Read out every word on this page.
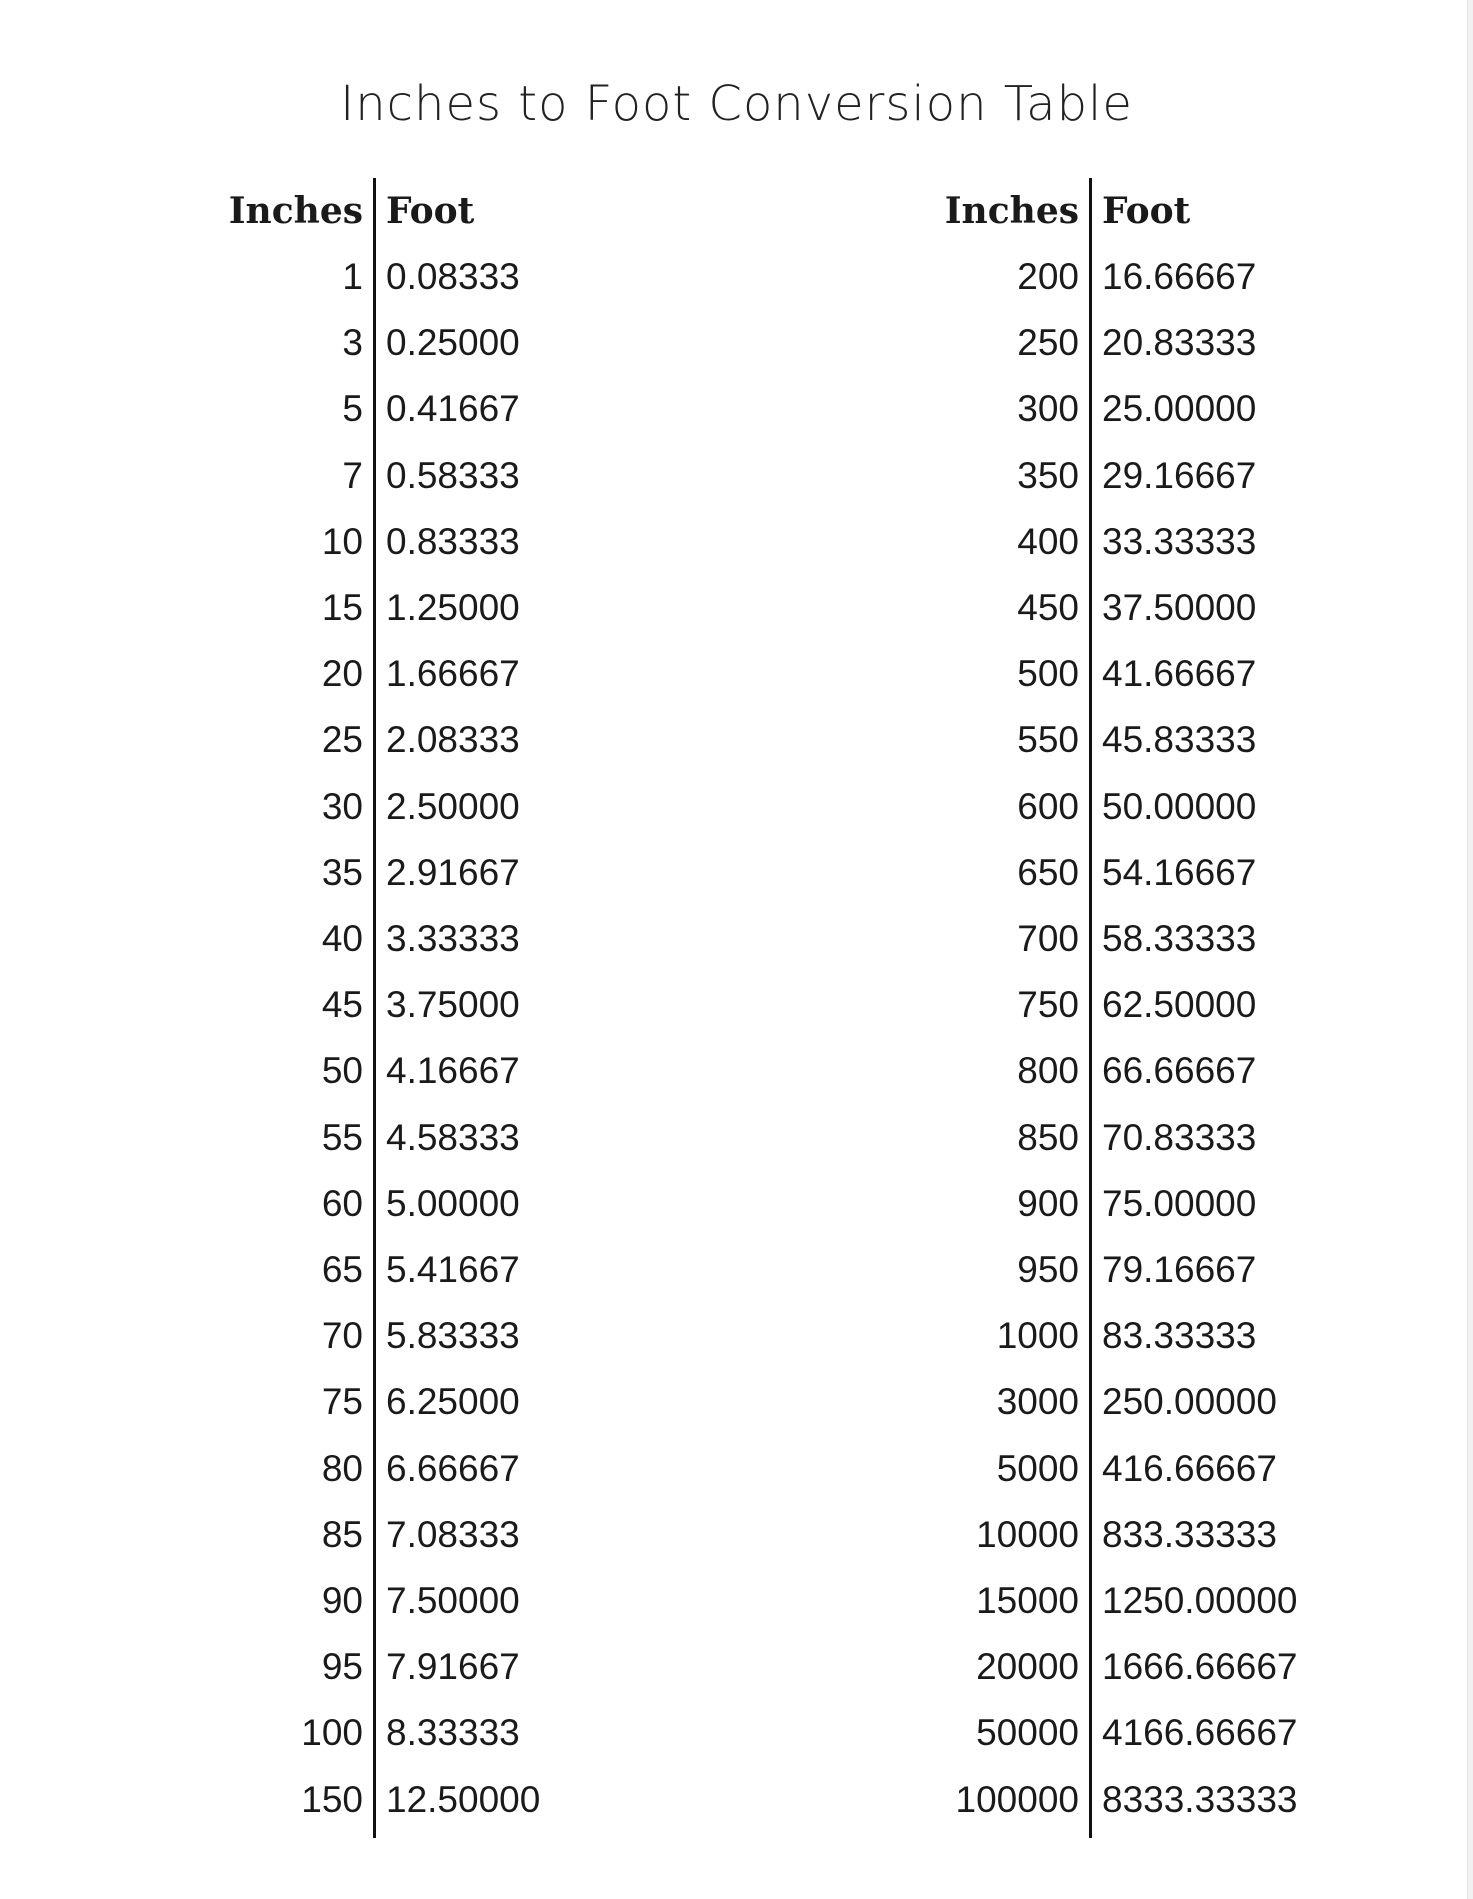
Inches to Foot Conversion Table
Inches Foot
1 0.08333
3 0.25000
5 0.41667
7 0.58333
10 0.83333
15 1.25000
20 1.66667
25 2.08333
30 2.50000
35 2.91667
40 3.33333
45 3.75000
50 4.16667
55 4.58333
60 5.00000
65 5.41667
70 5.83333
75 6.25000
80 6.66667
85 7.08333
90 7.50000
95 7.91667
100 8.33333
150 12.50000
Inches Foot
200 16.66667
250 20.83333
300 25.00000
350 29.16667
400 33.33333
450 37.50000
500 41.66667
550 45.83333
600 50.00000
650 54.16667
700 58.33333
750 62.50000
800 66.66667
850 70.83333
900 75.00000
950 79.16667
1000 83.33333
3000 250.00000
5000 416.66667
10000 833.33333
15000 1250.00000
20000 1666.66667
50000 4166.66667
100000 8333.33333
